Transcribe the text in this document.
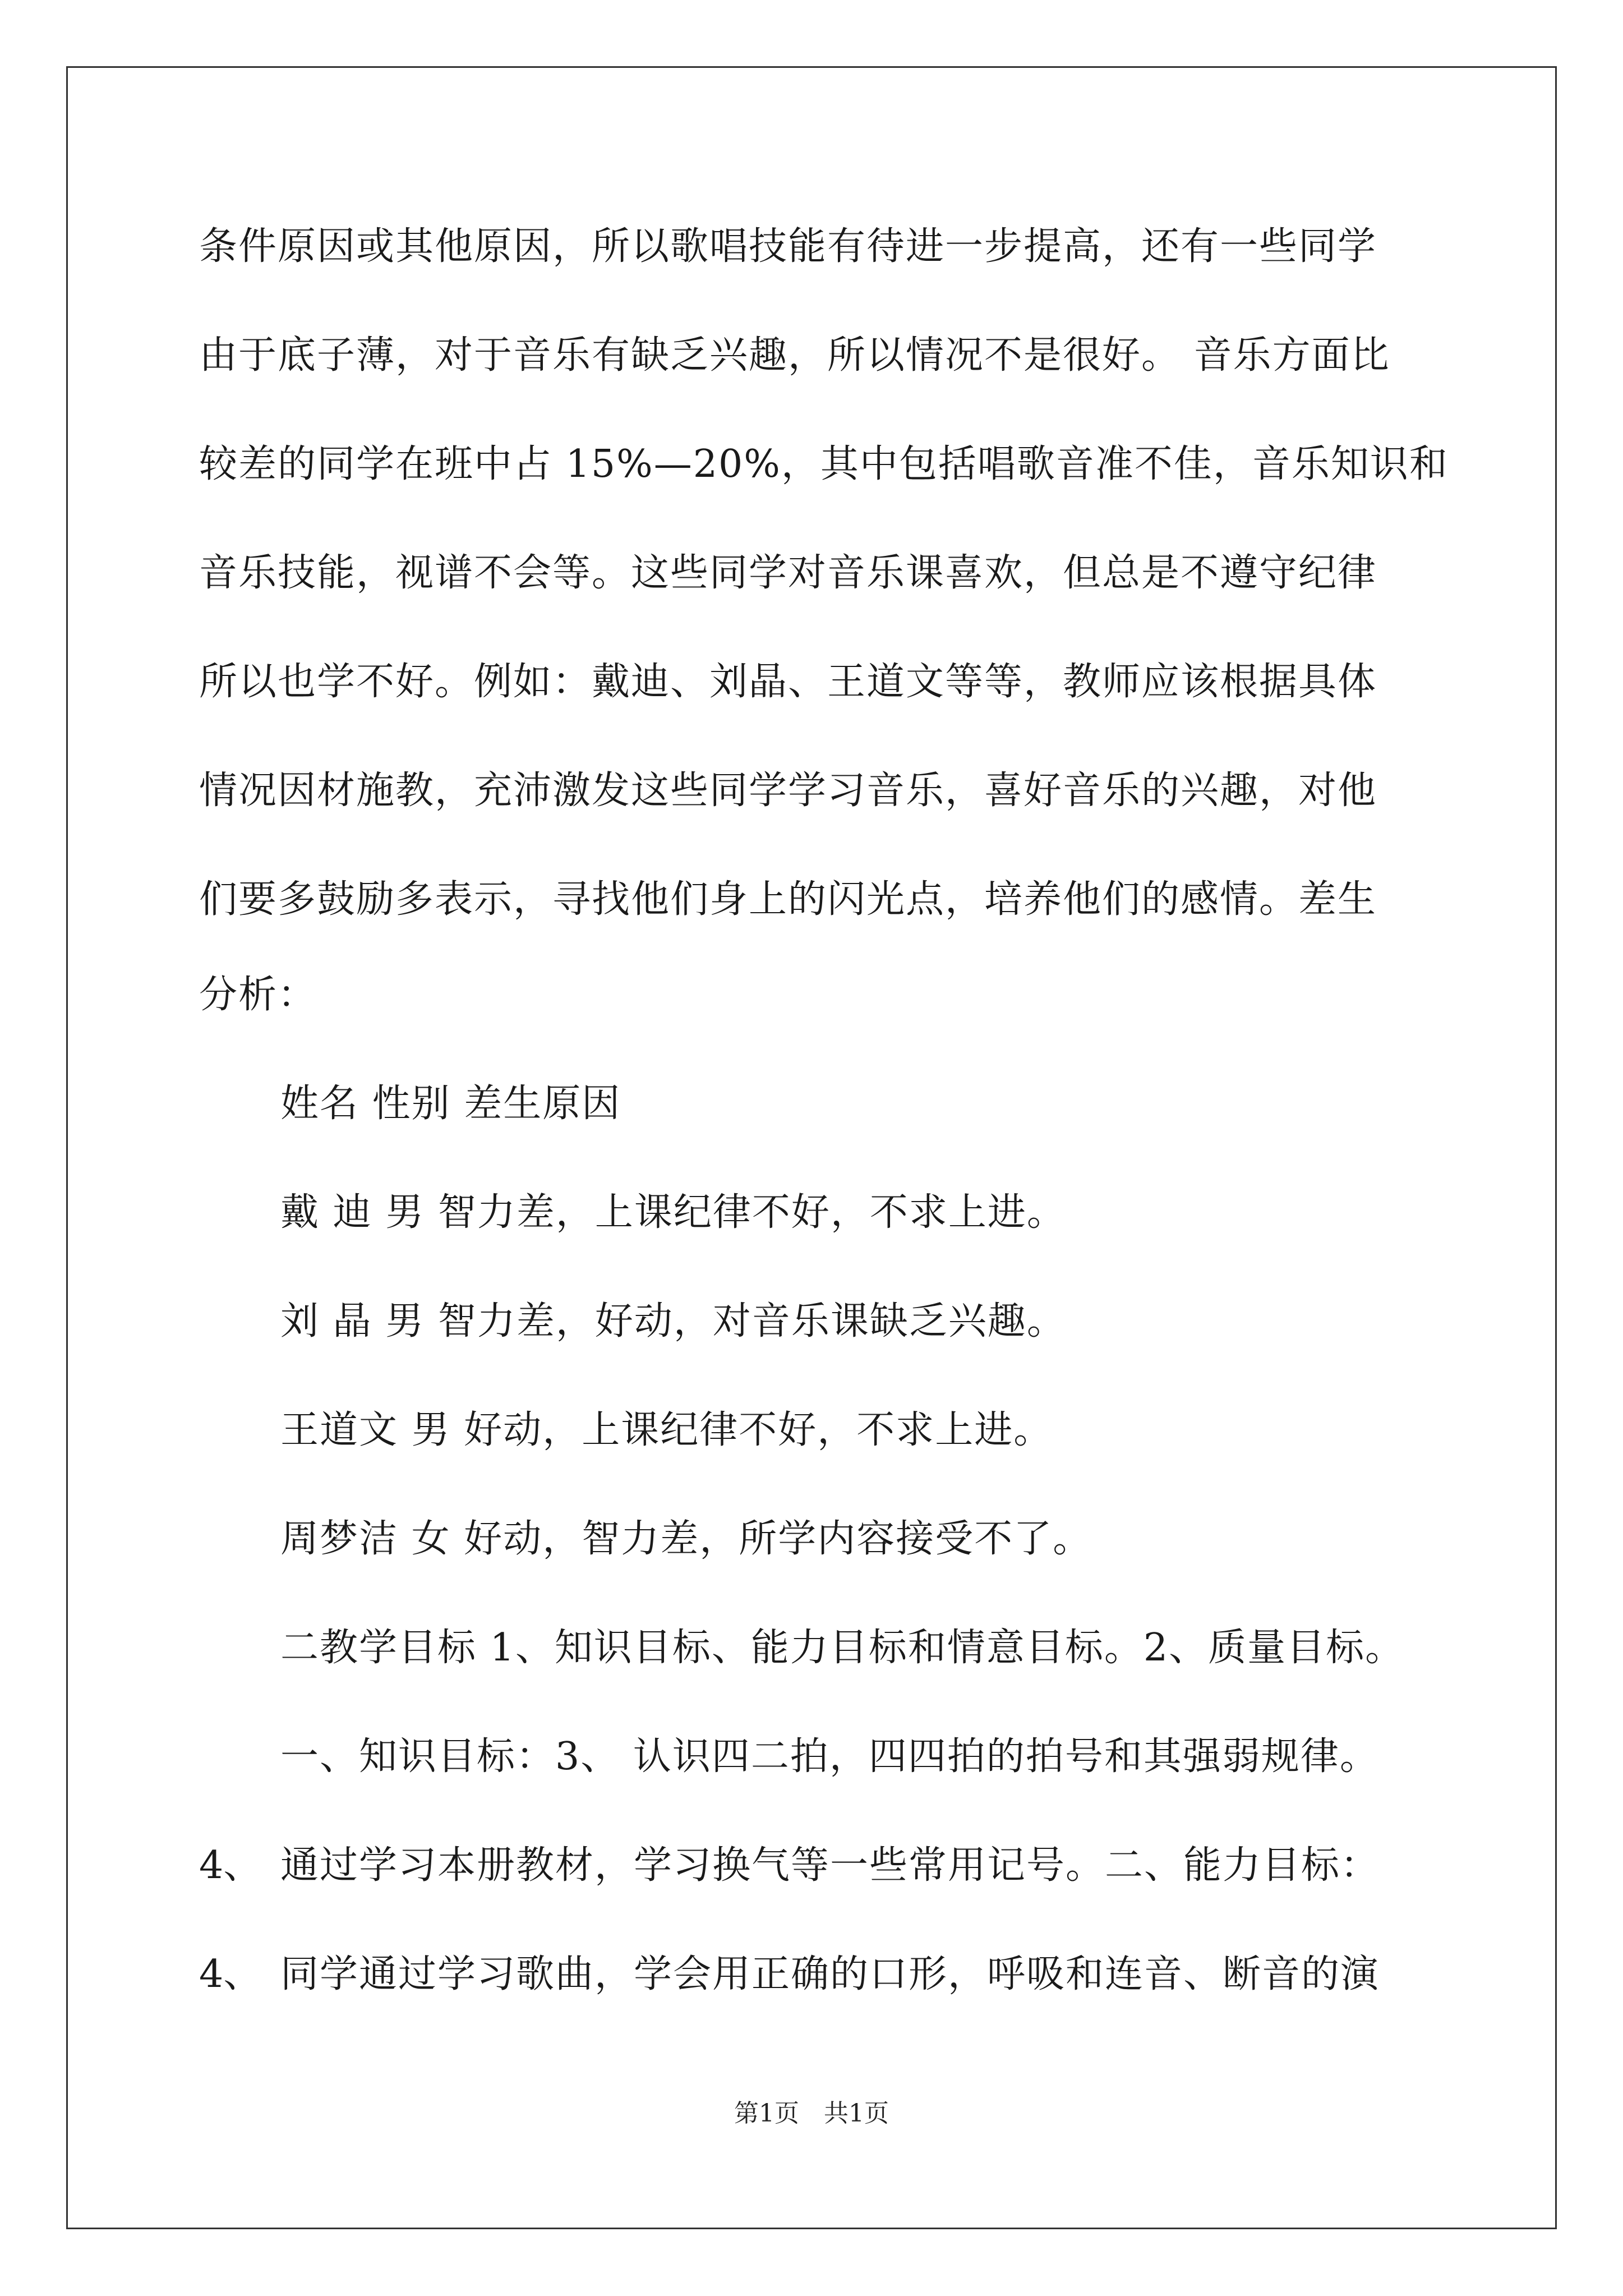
条件原因或其他原因，所以歌唱技能有待进一步提高，还有一些同学
由于底子薄，对于音乐有缺乏兴趣，所以情况不是很好。 音乐方面比
较差的同学在班中占 15%—20%，其中包括唱歌音准不佳，音乐知识和
音乐技能，视谱不会等。这些同学对音乐课喜欢，但总是不遵守纪律
所以也学不好。例如：戴迪、刘晶、王道文等等，教师应该根据具体
情况因材施教，充沛激发这些同学学习音乐，喜好音乐的兴趣，对他
们要多鼓励多表示，寻找他们身上的闪光点，培养他们的感情。差生
分析：
姓名 性别 差生原因
戴 迪 男 智力差，上课纪律不好，不求上进。
刘 晶 男 智力差，好动，对音乐课缺乏兴趣。
王道文 男 好动，上课纪律不好，不求上进。
周梦洁 女 好动，智力差，所学内容接受不了。
二教学目标 1、知识目标、能力目标和情意目标。2、质量目标。
一、知识目标：3、 认识四二拍，四四拍的拍号和其强弱规律。
4、 通过学习本册教材，学习换气等一些常用记号。二、能力目标：
4、 同学通过学习歌曲，学会用正确的口形，呼吸和连音、断音的演
第1页　共1页
